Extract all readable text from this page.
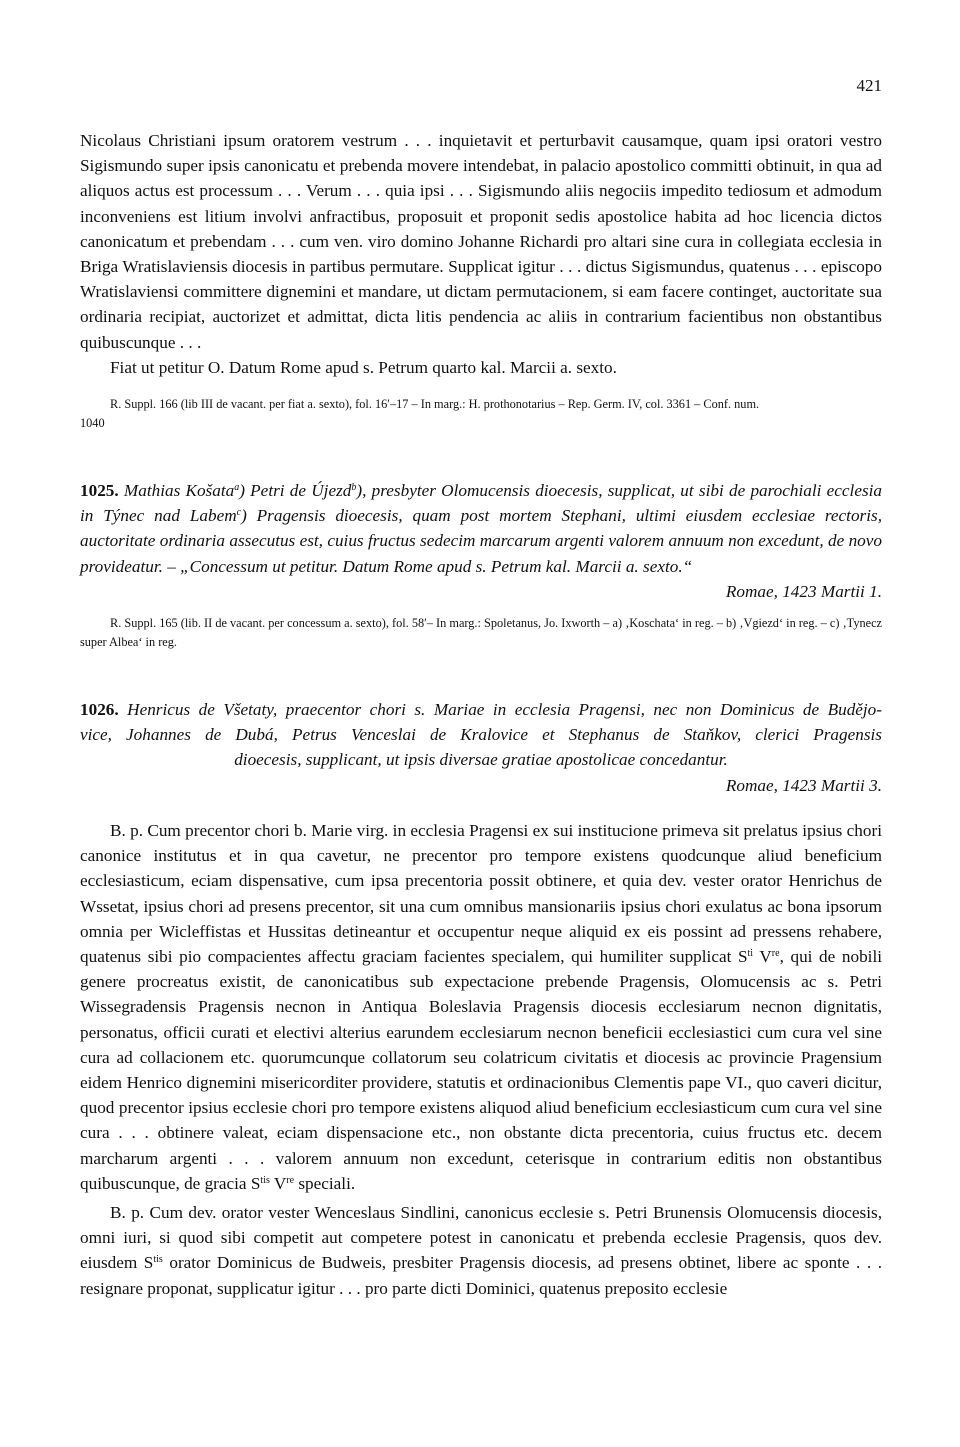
421

Nicolaus Christiani ipsum oratorem vestrum . . . inquietavit et perturbavit causamque, quam ipsi oratori vestro Sigismundo super ipsis canonicatu et prebenda movere intendebat, in palacio apostolico committi obtinuit, in qua ad aliquos actus est processum . . . Verum . . . quia ipsi . . . Sigismundo aliis negociis impedito tediosum et admodum inconveniens est litium involvi anfractibus, proposuit et proponit sedis apostolice habita ad hoc licencia dictos canonicatum et prebendam . . . cum ven. viro domino Johanne Richardi pro altari sine cura in collegiata ecclesia in Briga Wratislaviensis diocesis in partibus permutare. Supplicat igitur . . . dictus Sigismundus, quatenus . . . episcopo Wratislaviensi committere dignemini et mandare, ut dictam permutacionem, si eam facere continget, auctoritate sua ordinaria recipiat, auctorizet et admittat, dicta litis pendencia ac aliis in contrarium facientibus non obstantibus quibuscunque . . .

Fiat ut petitur O. Datum Rome apud s. Petrum quarto kal. Marcii a. sexto.

R. Suppl. 166 (lib III de vacant. per fiat a. sexto), fol. 16′–17 – In marg.: H. prothonotarius – Rep. Germ. IV, col. 3361 – Conf. num.

1040
1025. Mathias Košata$^a$) Petri de Újezd$^b$), presbyter Olomucensis dioecesis, supplicat, ut sibi de parochiali ecclesia in Týnec nad Labem$^c$) Pragensis dioecesis, quam post mortem Stephani, ultimi eiusdem ecclesiae rectoris, auctoritate ordinaria assecutus est, cuius fructus sedecim marcarum argenti valorem annuum non excedunt, de novo provideatur. – „Concessum ut petitur. Datum Rome apud s. Petrum kal. Marcii a. sexto.“
Romae, 1423 Martii 1.

R. Suppl. 165 (lib. II de vacant. per concessum a. sexto), fol. 58′– In marg.: Spoletanus, Jo. Ixworth – a) ‚Koschata‘ in reg. – b) ‚Vgiezd‘ in reg. – c) ‚Tynecz super Albea‘ in reg.

1026. Henricus de Všetaty, praecentor chori s. Mariae in ecclesia Pragensi, nec non Dominicus de Budějo-
vice, Johannes de Dubá, Petrus Venceslai de Kralovice et Stephanus de Staňkov, clerici Pragensis
dioecesis, supplicant, ut ipsis diversae gratiae apostolicae concedantur.
Romae, 1423 Martii 3.

B. p. Cum precentor chori b. Marie virg. in ecclesia Pragensi ex sui institucione primeva sit prelatus ipsius chori canonice institutus et in qua cavetur, ne precentor pro tempore existens quodcunque aliud beneficium ecclesiasticum, eciam dispensative, cum ipsa precentoria possit obtinere, et quia dev. vester orator Henrichus de Wssetat, ipsius chori ad presens precentor, sit una cum omnibus mansionariis ipsius chori exulatus ac bona ipsorum omnia per Wicleffistas et Hussitas detineantur et occupentur neque aliquid ex eis possint ad pressens rehabere, quatenus sibi pio compacientes affectu graciam facientes specialem, qui humiliter supplicat $S^{ti}$ Vre, qui de nobili genere procreatus existit, de canonicatibus sub expectacione prebende Pragensis, Olomucensis ac s. Petri Wissegradensis Pragensis necnon in Antiqua Boleslavia Pragensis diocesis ecclesiarum necnon dignitatis, personatus, officii curati et electivi alterius earundem ecclesiarum necnon beneficii ecclesiastici cum cura vel sine cura ad collacionem etc. quorumcunque collatorum seu colatricum civitatis et diocesis ac provincie Pragensium eidem Henrico dignemini misericorditer providere, statutis et ordinacionibus Clementis pape VI., quo caveri dicitur, quod precentor ipsius ecclesie chori pro tempore existens aliquod aliud beneficium ecclesiasticum cum cura vel sine cura . . . obtinere valeat, eciam dispensacione etc., non obstante dicta precentoria, cuius fructus etc. decem marcharum argenti . . . valorem annuum non excedunt, ceterisque in contrarium editis non obstantibus quibuscunque, de gracia $S^{tis}$ Vre speciali.

B. p. Cum dev. orator vester Wenceslaus Sindlini, canonicus ecclesie s. Petri Brunensis Olomucensis diocesis, omni iuri, si quod sibi competit aut competere potest in canonicatu et prebenda ecclesie Pragensis, quos dev. eiusdem $S^{tis}$ orator Dominicus de Budweis, presbiter Pragensis diocesis, ad presens obtinet, libere ac sponte . . . resignare proponat, supplicatur igitur . . . pro parte dicti Dominici, quatenus preposito ecclesie
